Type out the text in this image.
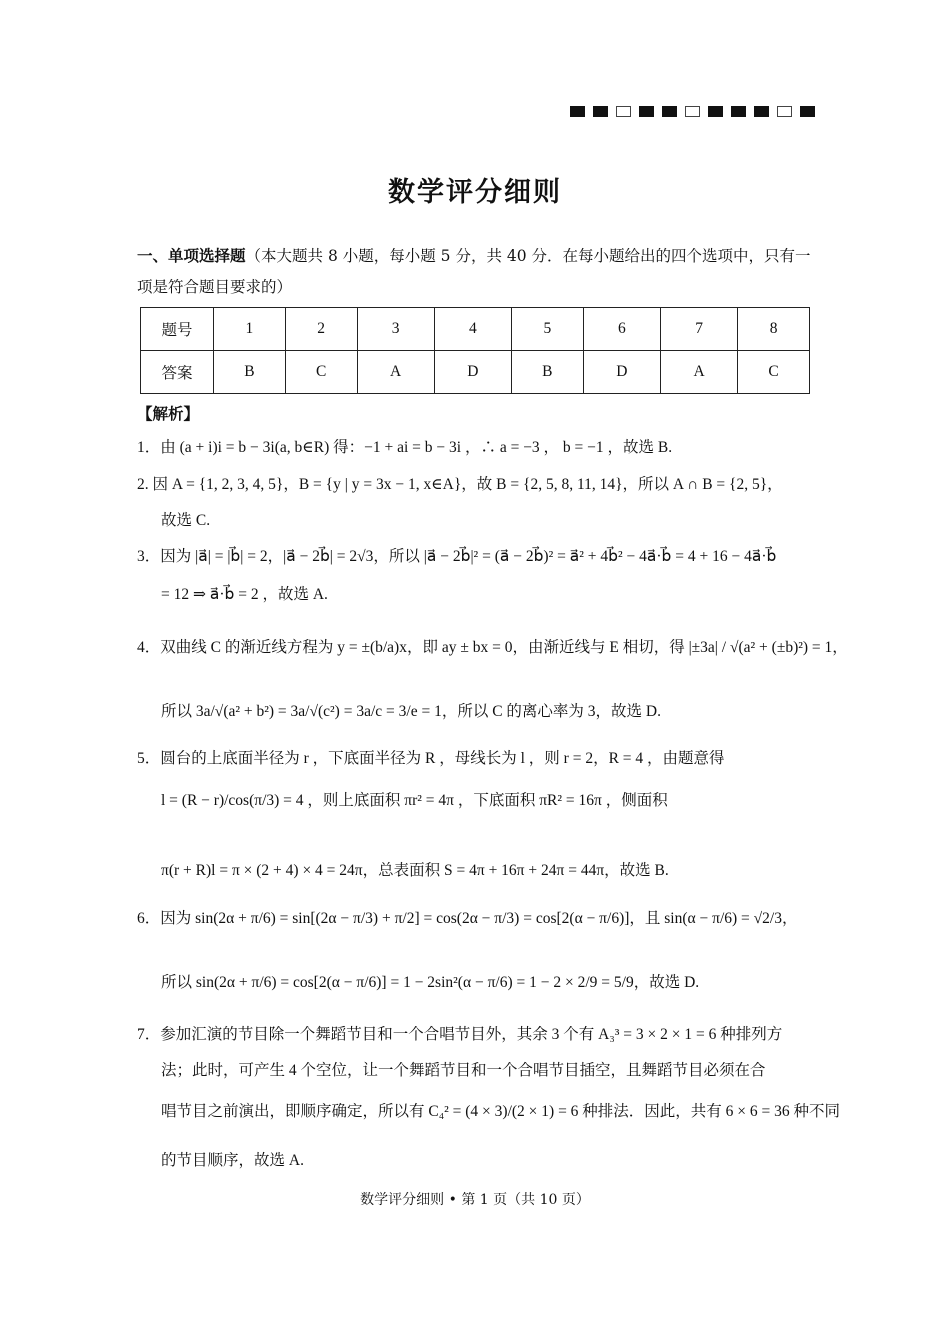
数学评分细则
一、单项选择题（本大题共 8 小题，每小题 5 分，共 40 分．在每小题给出的四个选项中，只有一项是符合题目要求的）
题号	1	2	3	4	5	6	7	8
答案	B	C	A	D	B	D	A	C
【解析】
1．由 (a + i)i = b − 3i(a, b∈R) 得：−1 + ai = b − 3i ，∴ a = −3 ， b = −1 ，故选 B.
2. 因 A = {1, 2, 3, 4, 5}，B = {y | y = 3x − 1, x∈A}，故 B = {2, 5, 8, 11, 14}，所以 A ∩ B = {2, 5}，
故选 C.
3．因为 |a⃗| = |b⃗| = 2，|a⃗ − 2b⃗| = 2√3，所以 |a⃗ − 2b⃗|² = (a⃗ − 2b⃗)² = a⃗² + 4b⃗² − 4a⃗·b⃗ = 4 + 16 − 4a⃗·b⃗
= 12 ⇒ a⃗·b⃗ = 2 ，故选 A.
4．双曲线 C 的渐近线方程为 y = ±(b/a)x，即 ay ± bx = 0，由渐近线与 E 相切，得 |±3a| / √(a² + (±b)²) = 1，
所以 3a/√(a² + b²) = 3a/√(c²) = 3a/c = 3/e = 1，所以 C 的离心率为 3，故选 D.
5．圆台的上底面半径为 r ，下底面半径为 R ，母线长为 l ，则 r = 2，R = 4 ，由题意得
l = (R − r)/cos(π/3) = 4 ，则上底面积 πr² = 4π ，下底面积 πR² = 16π ，侧面积
π(r + R)l = π × (2 + 4) × 4 = 24π，总表面积 S = 4π + 16π + 24π = 44π，故选 B.
6．因为 sin(2α + π/6) = sin[(2α − π/3) + π/2] = cos(2α − π/3) = cos[2(α − π/6)]，且 sin(α − π/6) = √2/3，
所以 sin(2α + π/6) = cos[2(α − π/6)] = 1 − 2sin²(α − π/6) = 1 − 2 × 2/9 = 5/9，故选 D.
7．参加汇演的节目除一个舞蹈节目和一个合唱节目外，其余 3 个有 A₃³ = 3 × 2 × 1 = 6 种排列方
法；此时，可产生 4 个空位，让一个舞蹈节目和一个合唱节目插空，且舞蹈节目必须在合
唱节目之前演出，即顺序确定，所以有 C₄² = (4 × 3)/(2 × 1) = 6 种排法．因此，共有 6 × 6 = 36 种不同
的节目顺序，故选 A.
数学评分细则 • 第 1 页（共 10 页）
